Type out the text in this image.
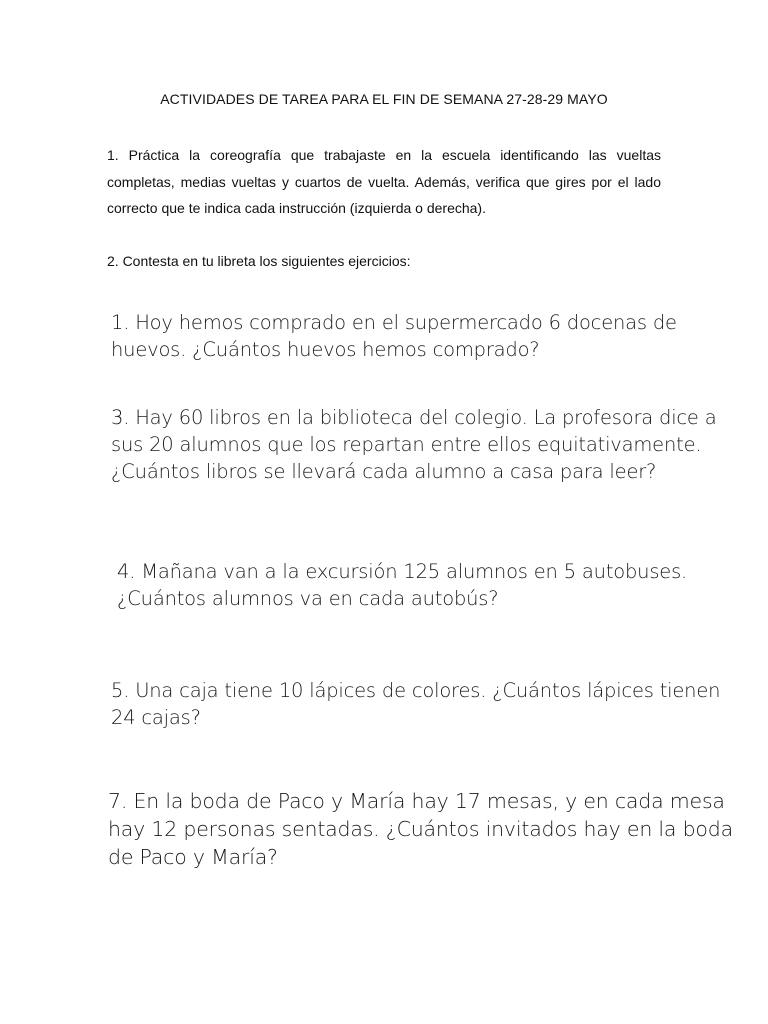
ACTIVIDADES DE TAREA PARA EL FIN DE SEMANA 27-28-29 MAYO
1. Práctica la coreografía que trabajaste en la escuela identificando las vueltas completas, medias vueltas y cuartos de vuelta. Además, verifica que gires por el lado correcto que te indica cada instrucción (izquierda o derecha).
2. Contesta en tu libreta los siguientes ejercicios:
1. Hoy hemos comprado en el supermercado 6 docenas de
huevos. ¿Cuántos huevos hemos comprado?
3. Hay 60 libros en la biblioteca del colegio. La profesora dice a
sus 20 alumnos que los repartan entre ellos equitativamente.
¿Cuántos libros se llevará cada alumno a casa para leer?
4. Mañana van a la excursión 125 alumnos en 5 autobuses.
¿Cuántos alumnos va en cada autobús?
5. Una caja tiene 10 lápices de colores. ¿Cuántos lápices tienen
24 cajas?
7. En la boda de Paco y María hay 17 mesas, y en cada mesa
hay 12 personas sentadas. ¿Cuántos invitados hay en la boda
de Paco y María?
